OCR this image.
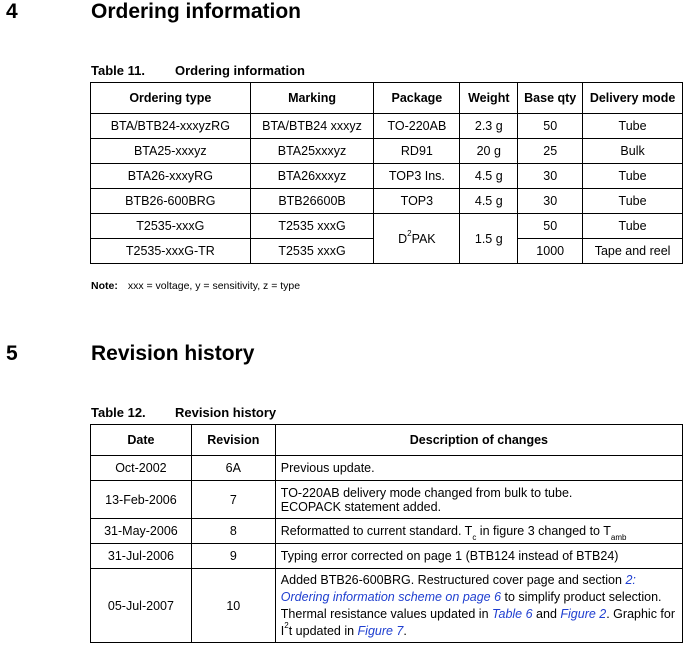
4	Ordering information
Table 11. Ordering information
Ordering type	Marking	Package	Weight	Base qty	Delivery mode
BTA/BTB24-xxxyzRG	BTA/BTB24 xxxyz	TO-220AB	2.3 g	50	Tube
BTA25-xxxyz	BTA25xxxyz	RD91	20 g	25	Bulk
BTA26-xxxyRG	BTA26xxxyz	TOP3 Ins.	4.5 g	30	Tube
BTB26-600BRG	BTB26600B	TOP3	4.5 g	30	Tube
T2535-xxxG	T2535 xxxG	$D^2PAK$	1.5 g	50	Tube
T2535-xxxG-TR	T2535 xxxG			1000	Tape and reel
Note: xxx = voltage, y = sensitivity, z = type
5	Revision history
Table 12. Revision history
Date	Revision	Description of changes
Oct-2002	6A	Previous update.
13-Feb-2006	7	TO-220AB delivery mode changed from bulk to tube.
ECOPACK statement added.
31-May-2006	8	Reformatted to current standard. $T_c$ in figure 3 changed to $T_{amb}$
31-Jul-2006	9	Typing error corrected on page 1 (BTB124 instead of BTB24)
05-Jul-2007	10	Added BTB26-600BRG. Restructured cover page and section 2: Ordering information scheme on page 6 to simplify product selection. Thermal resistance values updated in Table 6 and Figure 2. Graphic for $I^2t$ updated in Figure 7.
